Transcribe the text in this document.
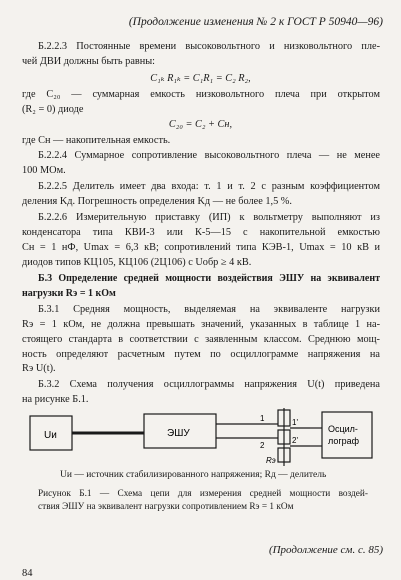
(Продолжение изменения № 2 к ГОСТ Р 50940—96)
Б.2.2.3 Постоянные времени высоковольтного и низковольтного пле-
чей ДВИ должны быть равны:
C₁ₖ R₁ₖ = C₁R₁ = C₂ R₂,
где C₂₀ — суммарная емкость низковольтного плеча при открытом
(R₂ = 0) диоде
C₂₀ = C₂ + Cн,
где Cн — накопительная емкость.
Б.2.2.4 Суммарное сопротивление высоковольтного плеча — не менее
100 МОм.
Б.2.2.5 Делитель имеет два входа: т. 1 и т. 2 с разным коэффициентом
деления Kд. Погрешность определения Kд — не более 1,5 %.
Б.2.2.6 Измерительную приставку (ИП) к вольтметру выполняют из
конденсатора типа КВИ-3 или К-5—15 с накопительной емкостью
Cн = 1 нФ, Umax = 6,3 кВ; сопротивлений типа КЭВ-1, Umax = 10 кВ и
диодов типов КЦ105, КЦ106 (2Ц106) с Uобр ≥ 4 кВ.
Б.3 Определение средней мощности воздействия ЭШУ на эквивалент
нагрузки Rэ = 1 кОм
Б.3.1 Средняя мощность, выделяемая на эквиваленте нагрузки
Rэ = 1 кОм, не должна превышать значений, указанных в таблице 1 на-
стоящего стандарта в соответствии с заявленным классом. Среднюю мощ-
ность определяют расчетным путем по осциллограмме напряжения на
Rэ U(t).
Б.3.2 Схема получения осциллограммы напряжения U(t) приведена
на рисунке Б.1.
Uи	ЭШУ
1
2
1'
2'
Rэ
Осцил-
лограф
Uи — источник стабилизированного напряжения; Rд — делитель
Рисунок Б.1 — Схема цепи для измерения средней мощности воздей-
ствия ЭШУ на эквивалент нагрузки сопротивлением Rэ = 1 кОм
(Продолжение см. с. 85)
84
